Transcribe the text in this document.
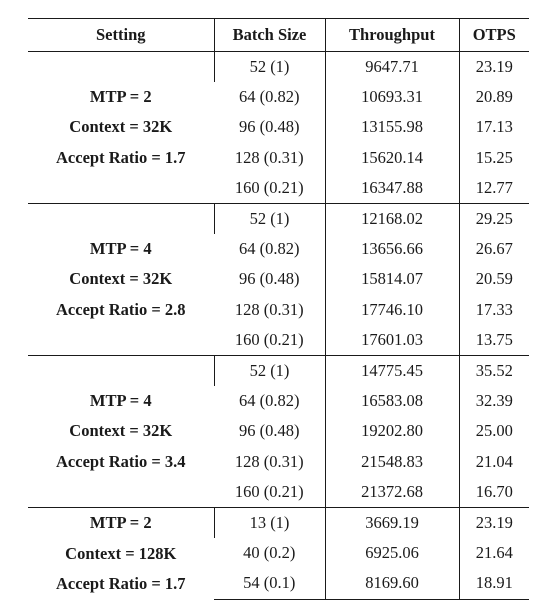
Setting	Batch Size	Throughput	OTPS

MTP = 2
Context = 32K
Accept Ratio = 1.7	52 (1)	9647.71	23.19
	64 (0.82)	10693.31	20.89
	96 (0.48)	13155.98	17.13
	128 (0.31)	15620.14	15.25
	160 (0.21)	16347.88	12.77

MTP = 4
Context = 32K
Accept Ratio = 2.8	52 (1)	12168.02	29.25
	64 (0.82)	13656.66	26.67
	96 (0.48)	15814.07	20.59
	128 (0.31)	17746.10	17.33
	160 (0.21)	17601.03	13.75

MTP = 4
Context = 32K
Accept Ratio = 3.4	52 (1)	14775.45	35.52
	64 (0.82)	16583.08	32.39
	96 (0.48)	19202.80	25.00
	128 (0.31)	21548.83	21.04
	160 (0.21)	21372.68	16.70

MTP = 2
Context = 128K
Accept Ratio = 1.7	13 (1)	3669.19	23.19
	40 (0.2)	6925.06	21.64
	54 (0.1)	8169.60	18.91
